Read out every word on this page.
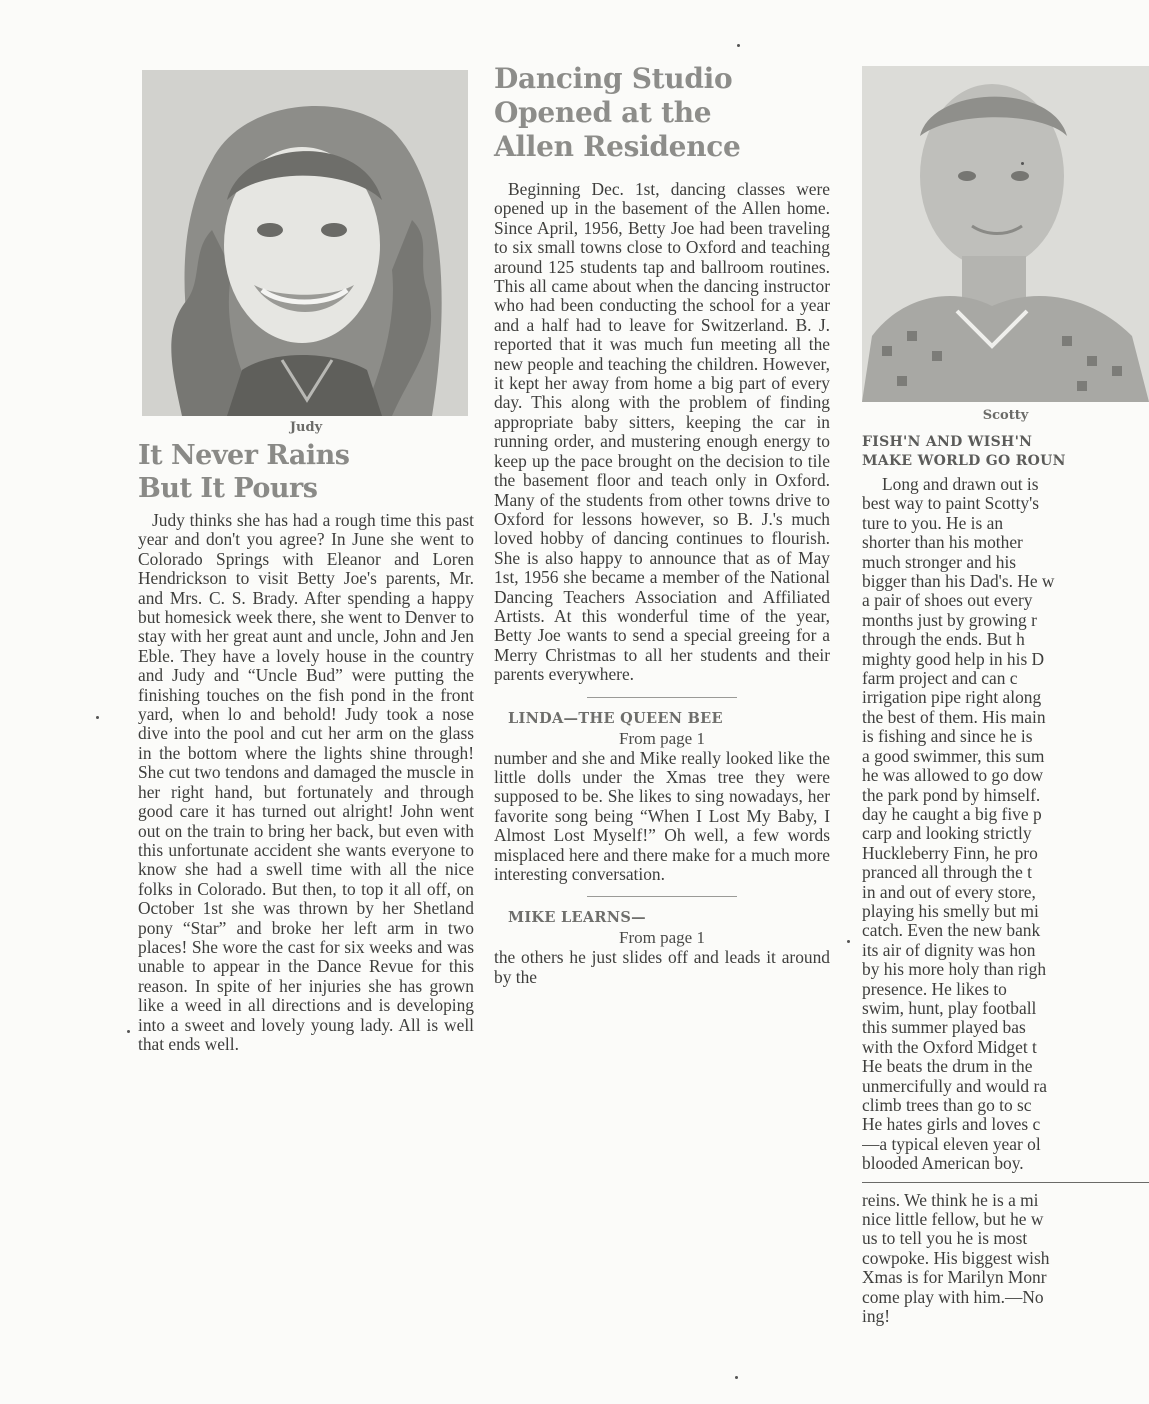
Judy
It Never Rains
But It Pours

Judy thinks she has had a rough time this past year and don't you agree? In June she went to Colorado Springs with Eleanor and Loren Hendrickson to visit Betty Joe's parents, Mr. and Mrs. C. S. Brady. After spending a happy but homesick week there, she went to Denver to stay with her great aunt and uncle, John and Jen Eble. They have a lovely house in the country and Judy and “Uncle Bud” were putting the finishing touches on the fish pond in the front yard, when lo and behold! Judy took a nose dive into the pool and cut her arm on the glass in the bottom where the lights shine through! She cut two tendons and damaged the muscle in her right hand, but fortunately and through good care it has turned out alright! John went out on the train to bring her back, but even with this unfortunate accident she wants everyone to know she had a swell time with all the nice folks in Colorado. But then, to top it all off, on October 1st she was thrown by her Shetland pony “Star” and broke her left arm in two places! She wore the cast for six weeks and was unable to appear in the Dance Revue for this reason. In spite of her injuries she has grown like a weed in all directions and is developing into a sweet and lovely young lady. All is well that ends well.

Dancing Studio
Opened at the
Allen Residence

Beginning Dec. 1st, dancing classes were opened up in the basement of the Allen home. Since April, 1956, Betty Joe had been traveling to six small towns close to Oxford and teaching around 125 students tap and ballroom routines. This all came about when the dancing instructor who had been conducting the school for a year and a half had to leave for Switzerland. B. J. reported that it was much fun meeting all the new people and teaching the children. However, it kept her away from home a big part of every day. This along with the problem of finding appropriate baby sitters, keeping the car in running order, and mustering enough energy to keep up the pace brought on the decision to tile the basement floor and teach only in Oxford. Many of the students from other towns drive to Oxford for lessons however, so B. J.'s much loved hobby of dancing continues to flourish. She is also happy to announce that as of May 1st, 1956 she became a member of the National Dancing Teachers Association and Affiliated Artists. At this wonderful time of the year, Betty Joe wants to send a special greeing for a Merry Christmas to all her students and their parents everywhere.

LINDA—THE QUEEN BEE
From page 1

number and she and Mike really looked like the little dolls under the Xmas tree they were supposed to be. She likes to sing nowadays, her favorite song being “When I Lost My Baby, I Almost Lost Myself!” Oh well, a few words misplaced here and there make for a much more interesting conversation.

MIKE LEARNS—
From page 1

the others he just slides off and leads it around by the

Scotty
FISH'N AND WISH'N
MAKE WORLD GO ROUN

Long and drawn out is

best way to paint Scotty's

ture to you. He is an

shorter than his mother

much stronger and his

bigger than his Dad's. He w

a pair of shoes out every

months just by growing r

through the ends. But h

mighty good help in his D

farm project and can c

irrigation pipe right along

the best of them. His main

is fishing and since he is

a good swimmer, this sum

he was allowed to go dow

the park pond by himself.

day he caught a big five p

carp and looking strictly

Huckleberry Finn, he pro

pranced all through the t

in and out of every store,

playing his smelly but mi

catch. Even the new bank

its air of dignity was hon

by his more holy than righ

presence. He likes to

swim, hunt, play football

this summer played bas

with the Oxford Midget t

He beats the drum in the

unmercifully and would ra

climb trees than go to sc

He hates girls and loves c

—a typical eleven year ol

blooded American boy.

reins. We think he is a mi

nice little fellow, but he w

us to tell you he is most

cowpoke. His biggest wish

Xmas is for Marilyn Monr

come play with him.—No

ing!
